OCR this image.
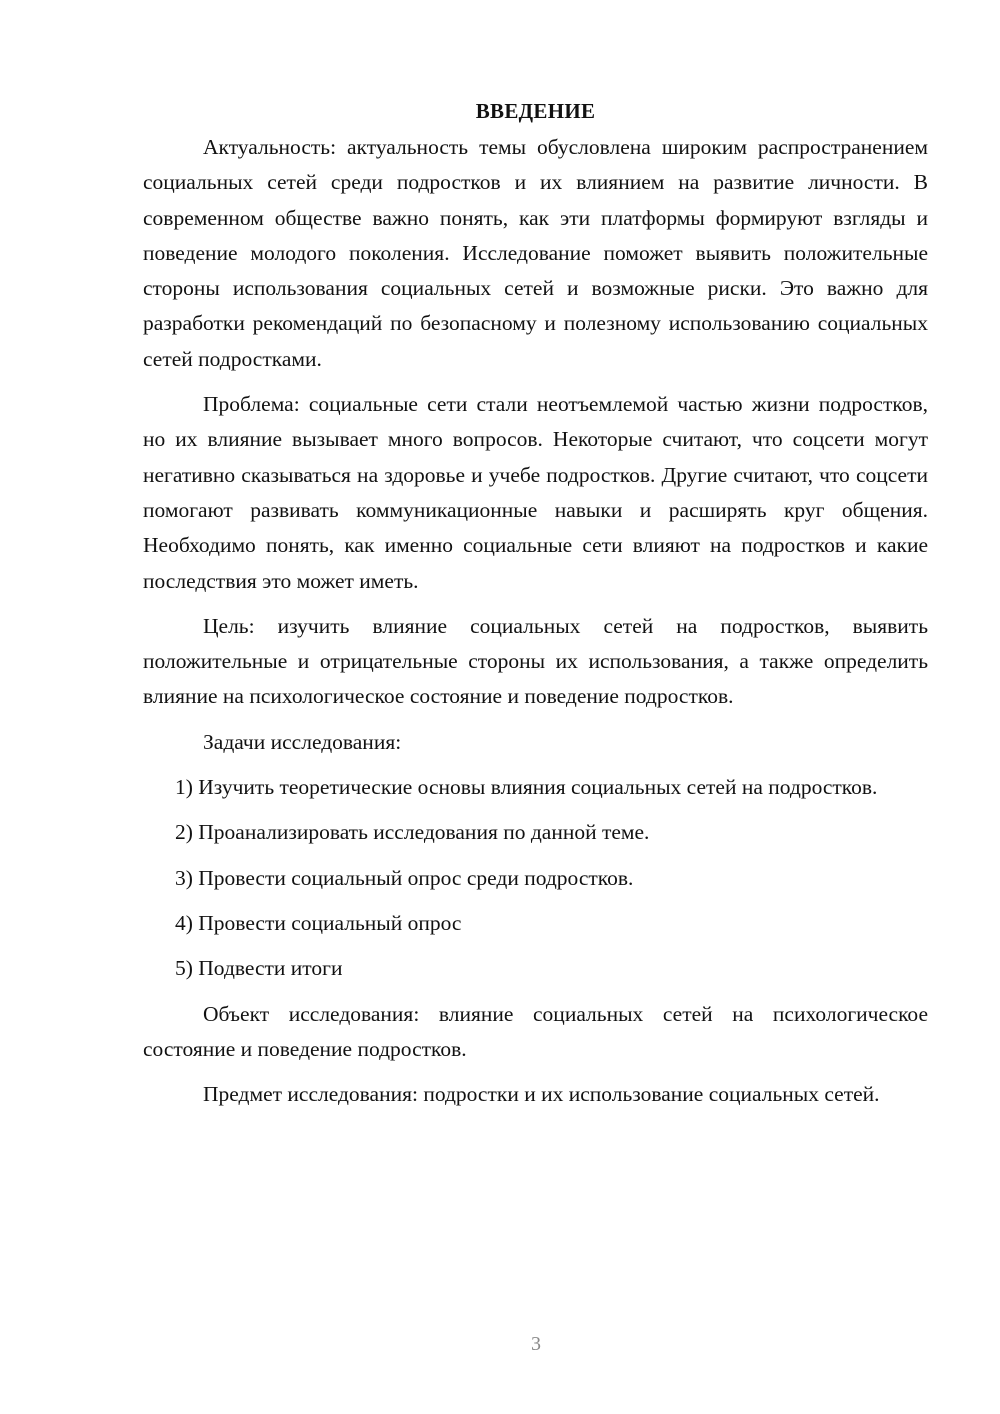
ВВЕДЕНИЕ

Актуальность: актуальность темы обусловлена широким распространением социальных сетей среди подростков и их влиянием на развитие личности. В современном обществе важно понять, как эти платформы формируют взгляды и поведение молодого поколения. Исследование поможет выявить положительные стороны использования социальных сетей и возможные риски. Это важно для разработки рекомендаций по безопасному и полезному использованию социальных сетей подростками.

Проблема: социальные сети стали неотъемлемой частью жизни подростков, но их влияние вызывает много вопросов. Некоторые считают, что соцсети могут негативно сказываться на здоровье и учебе подростков. Другие считают, что соцсети помогают развивать коммуникационные навыки и расширять круг общения. Необходимо понять, как именно социальные сети влияют на подростков и какие последствия это может иметь.

Цель: изучить влияние социальных сетей на подростков, выявить положительные и отрицательные стороны их использования, а также определить влияние на психологическое состояние и поведение подростков.

Задачи исследования:

1) Изучить теоретические основы влияния социальных сетей на подростков.

2) Проанализировать исследования по данной теме.

3) Провести социальный опрос среди подростков.

4) Провести социальный опрос

5) Подвести итоги

Объект исследования: влияние социальных сетей на психологическое состояние и поведение подростков.

Предмет исследования: подростки и их использование социальных сетей.

3
